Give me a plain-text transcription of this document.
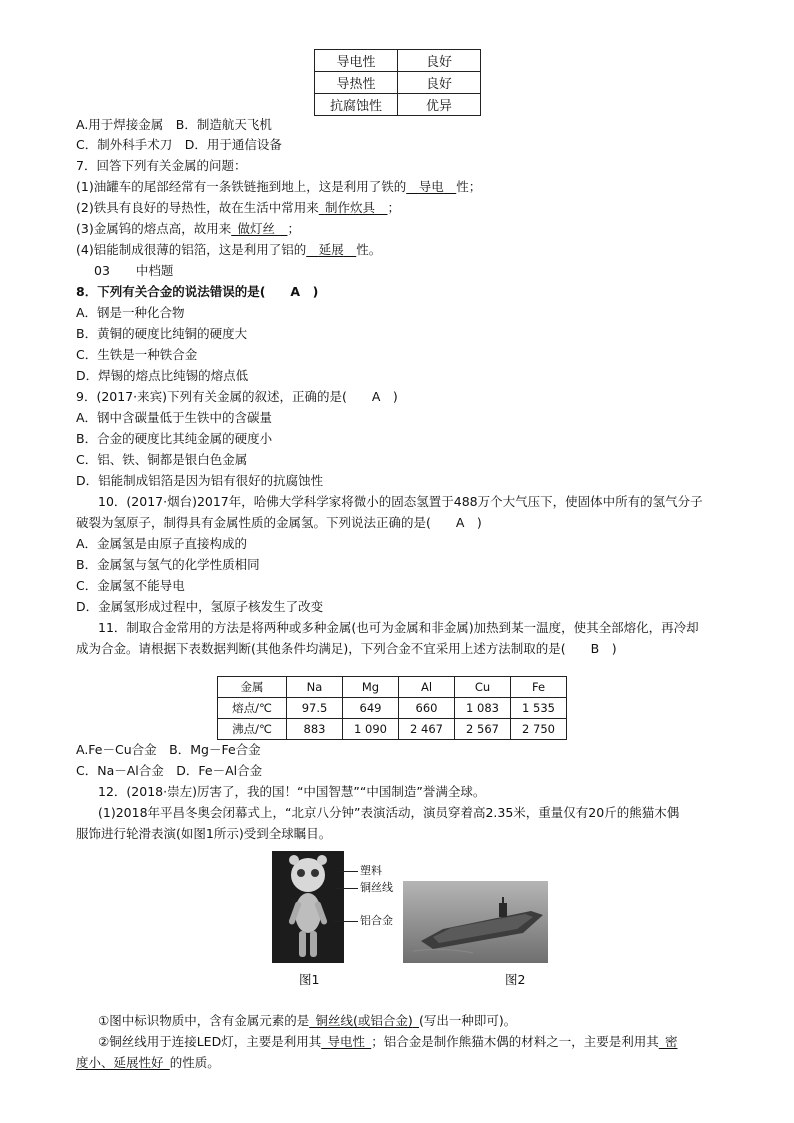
导电性	良好
导热性	良好
抗腐蚀性	优异
A.用于焊接金属　B．制造航天飞机
C．制外科手术刀　D．用于通信设备
7．回答下列有关金属的问题：
(1)油罐车的尾部经常有一条铁链拖到地上，这是利用了铁的  导电  性；
(2)铁具有良好的导热性，故在生活中常用来  制作炊具  ；
(3)金属钨的熔点高，故用来  做灯丝  ；
(4)铝能制成很薄的铝箔，这是利用了铝的  延展  性。
03 中档题
8．下列有关合金的说法错误的是(　　A　)
A．钢是一种化合物
B．黄铜的硬度比纯铜的硬度大
C．生铁是一种铁合金
D．焊锡的熔点比纯锡的熔点低
9．(2017·来宾)下列有关金属的叙述，正确的是(　　A　)
A．钢中含碳量低于生铁中的含碳量
B．合金的硬度比其纯金属的硬度小
C．铝、铁、铜都是银白色金属
D．铝能制成铝箔是因为铝有很好的抗腐蚀性
10．(2017·烟台)2017年，哈佛大学科学家将微小的固态氢置于488万个大气压下，使固体中所有的氢气分子
破裂为氢原子，制得具有金属性质的金属氢。下列说法正确的是(　　A　)
A．金属氢是由原子直接构成的
B．金属氢与氢气的化学性质相同
C．金属氢不能导电
D．金属氢形成过程中，氢原子核发生了改变
11．制取合金常用的方法是将两种或多种金属(也可为金属和非金属)加热到某一温度，使其全部熔化，再冷却
成为合金。请根据下表数据判断(其他条件均满足)，下列合金不宜采用上述方法制取的是(　　B　)
金属	Na	Mg	Al	Cu	Fe
熔点/℃	97.5	649	660	1 083	1 535
沸点/℃	883	1 090	2 467	2 567	2 750
A.Fe－Cu合金　B．Mg－Fe合金
C．Na－Al合金　D．Fe－Al合金
12．(2018·崇左)厉害了，我的国！“中国智慧”“中国制造”誉满全球。
(1)2018年平昌冬奥会闭幕式上，“北京八分钟”表演活动，演员穿着高2.35米，重量仅有20斤的熊猫木偶
服饰进行轮滑表演(如图1所示)受到全球瞩目。
塑料
铜丝线
铝合金
图1	图2
①图中标识物质中，含有金属元素的是  铜丝线(或铝合金)  (写出一种即可)。
②铜丝线用于连接LED灯，主要是利用其  导电性  ；铝合金是制作熊猫木偶的材料之一，主要是利用其  密
度小、延展性好  的性质。
